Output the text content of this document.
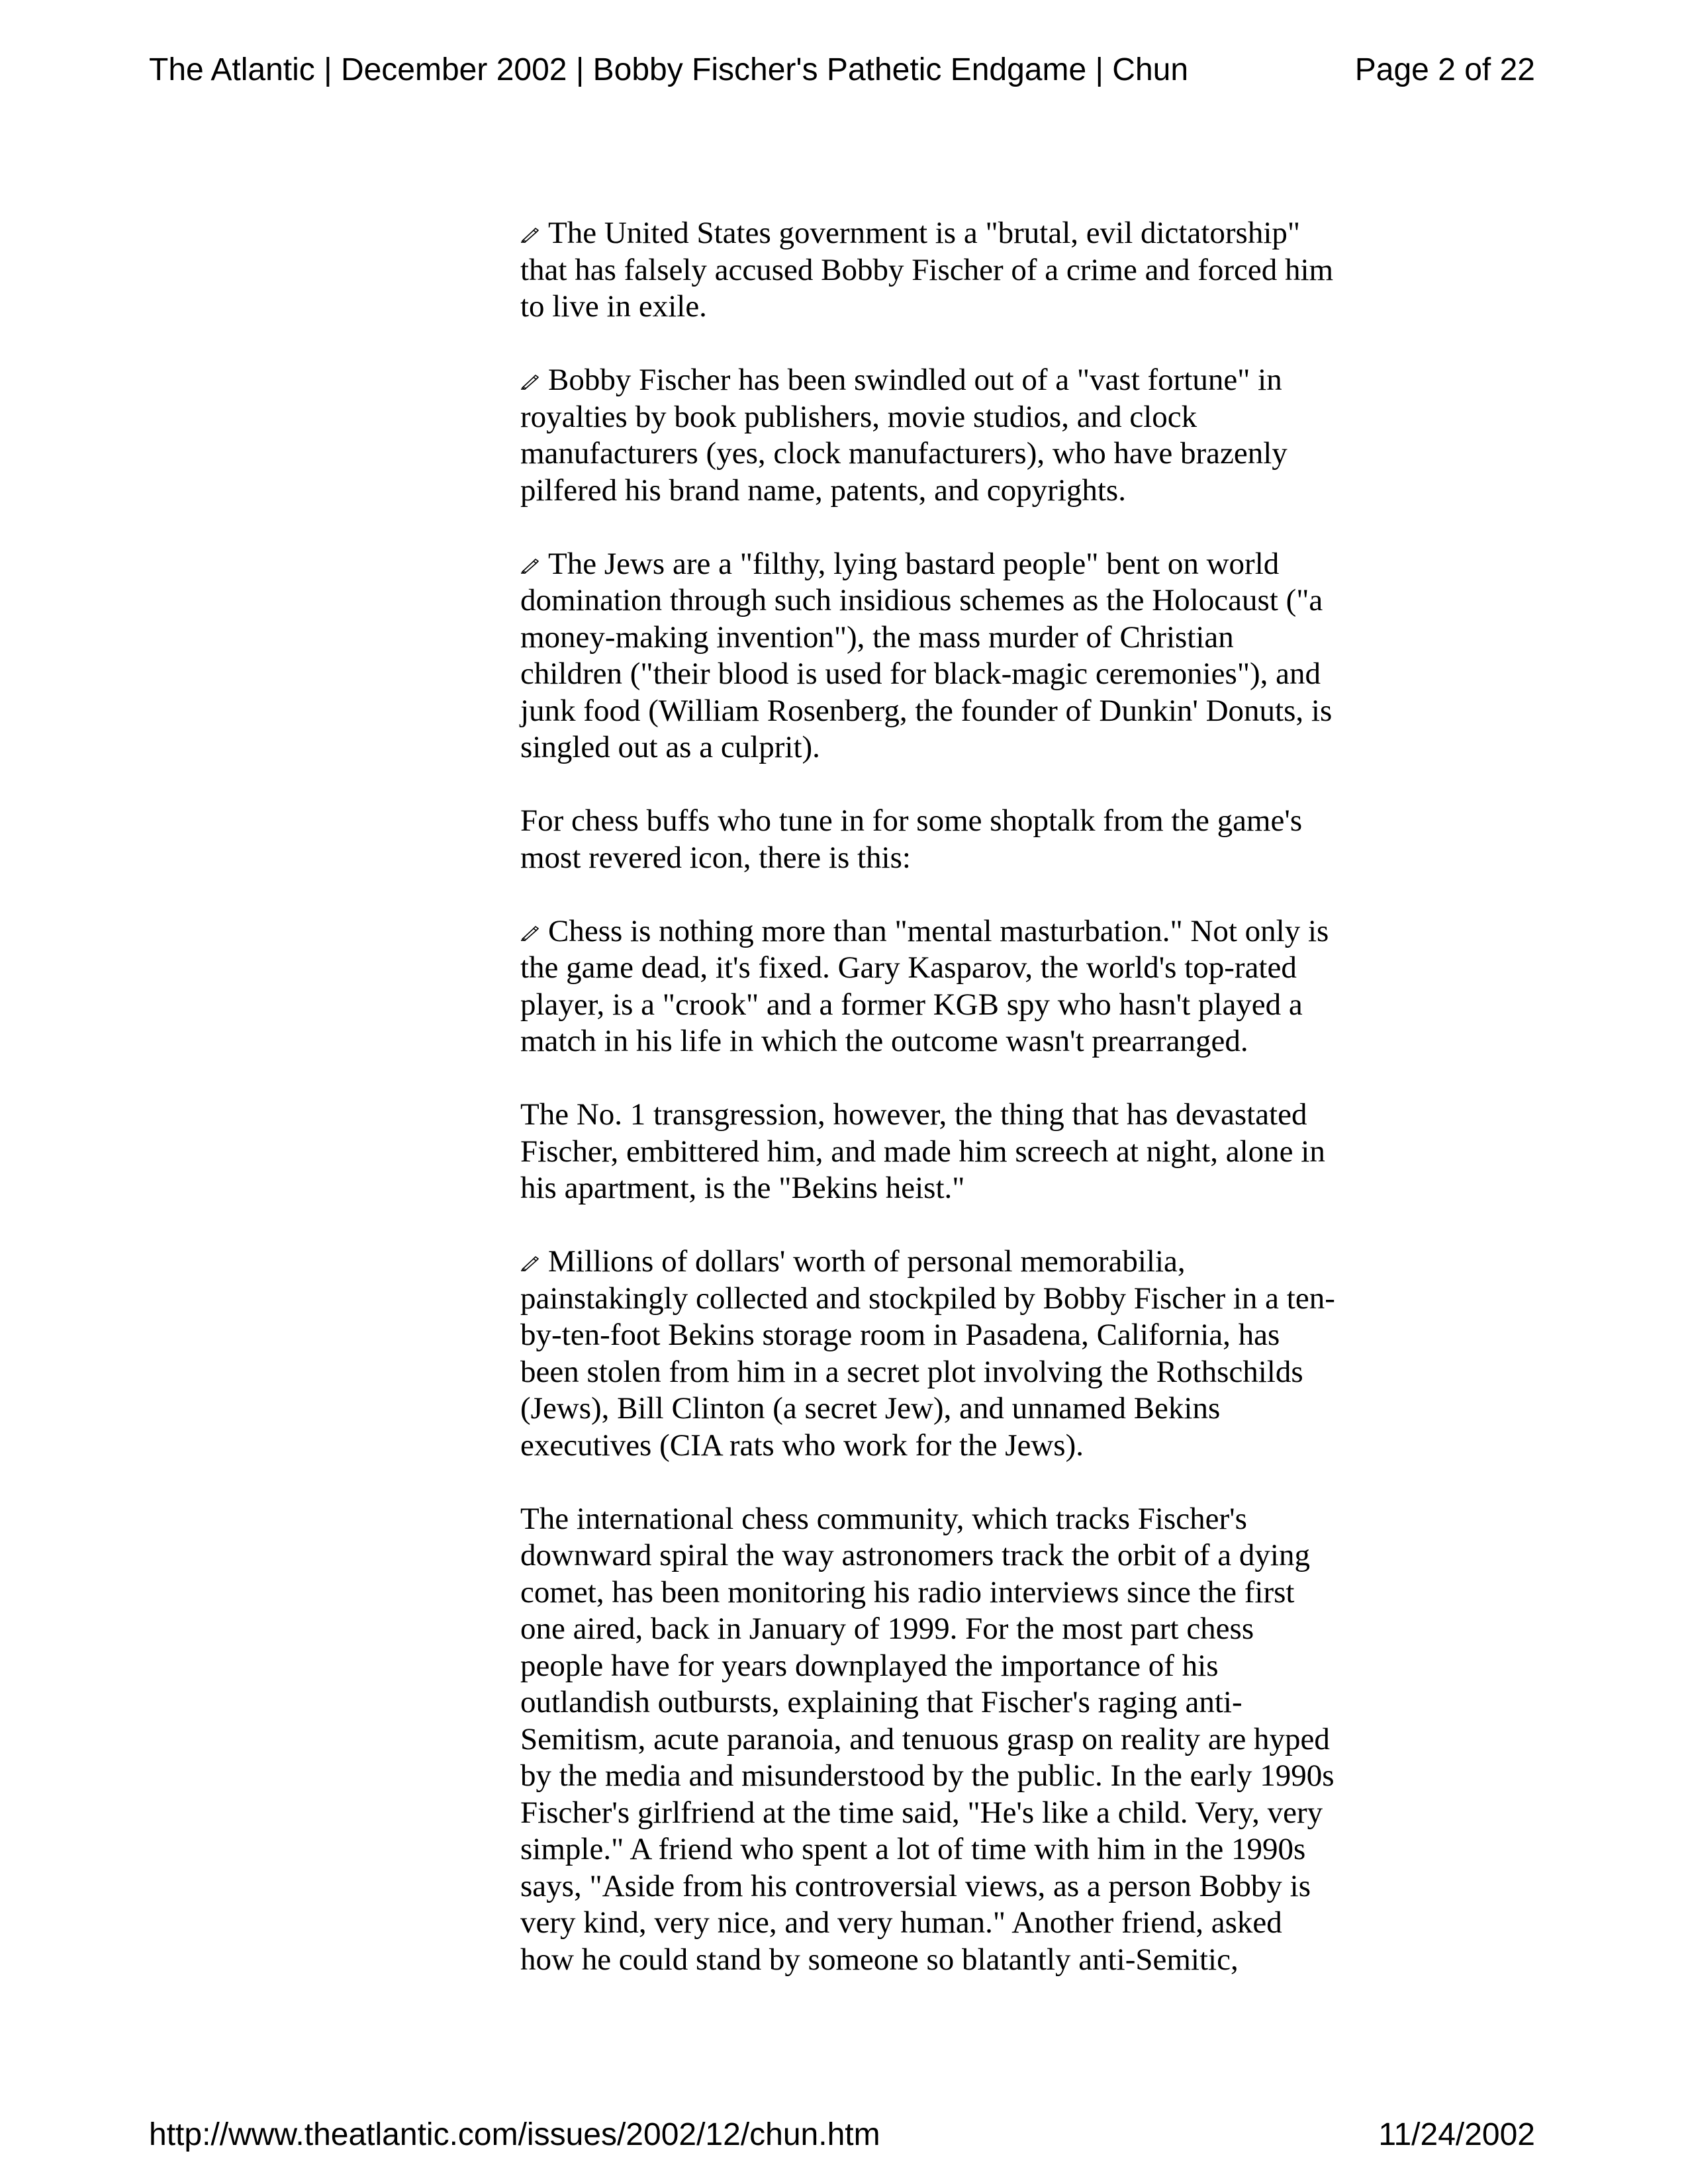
The Atlantic | December 2002 | Bobby Fischer's Pathetic Endgame | Chun	Page 2 of 22

The United States government is a "brutal, evil dictatorship"
that has falsely accused Bobby Fischer of a crime and forced him
to live in exile.

Bobby Fischer has been swindled out of a "vast fortune" in
royalties by book publishers, movie studios, and clock
manufacturers (yes, clock manufacturers), who have brazenly
pilfered his brand name, patents, and copyrights.

The Jews are a "filthy, lying bastard people" bent on world
domination through such insidious schemes as the Holocaust ("a
money-making invention"), the mass murder of Christian
children ("their blood is used for black-magic ceremonies"), and
junk food (William Rosenberg, the founder of Dunkin' Donuts, is
singled out as a culprit).

For chess buffs who tune in for some shoptalk from the game's
most revered icon, there is this:

Chess is nothing more than "mental masturbation." Not only is
the game dead, it's fixed. Gary Kasparov, the world's top-rated
player, is a "crook" and a former KGB spy who hasn't played a
match in his life in which the outcome wasn't prearranged.

The No. 1 transgression, however, the thing that has devastated
Fischer, embittered him, and made him screech at night, alone in
his apartment, is the "Bekins heist."

Millions of dollars' worth of personal memorabilia,
painstakingly collected and stockpiled by Bobby Fischer in a ten-
by-ten-foot Bekins storage room in Pasadena, California, has
been stolen from him in a secret plot involving the Rothschilds
(Jews), Bill Clinton (a secret Jew), and unnamed Bekins
executives (CIA rats who work for the Jews).

The international chess community, which tracks Fischer's
downward spiral the way astronomers track the orbit of a dying
comet, has been monitoring his radio interviews since the first
one aired, back in January of 1999. For the most part chess
people have for years downplayed the importance of his
outlandish outbursts, explaining that Fischer's raging anti-
Semitism, acute paranoia, and tenuous grasp on reality are hyped
by the media and misunderstood by the public. In the early 1990s
Fischer's girlfriend at the time said, "He's like a child. Very, very
simple." A friend who spent a lot of time with him in the 1990s
says, "Aside from his controversial views, as a person Bobby is
very kind, very nice, and very human." Another friend, asked
how he could stand by someone so blatantly anti-Semitic,

http://www.theatlantic.com/issues/2002/12/chun.htm	11/24/2002
